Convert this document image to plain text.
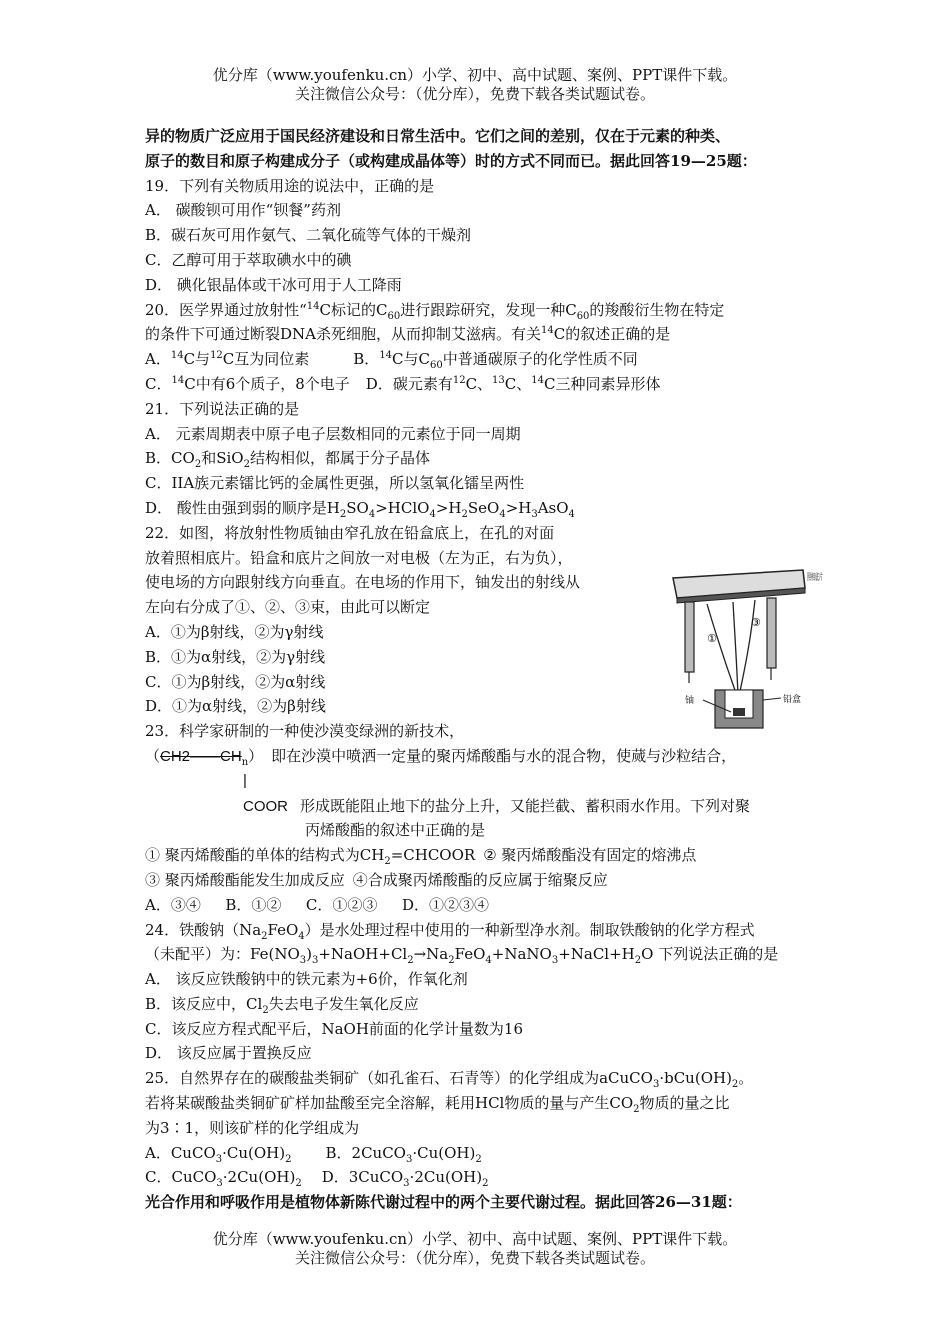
优分库（www.youfenku.cn）小学、初中、高中试题、案例、PPT课件下载。
关注微信公众号：（优分库），免费下载各类试题试卷。
异的物质广泛应用于国民经济建设和日常生活中。它们之间的差别，仅在于元素的种类、
原子的数目和原子构建成分子（或构建成晶体等）时的方式不同而已。据此回答19—25题：
19．下列有关物质用途的说法中，正确的是
A． 碳酸钡可用作“钡餐”药剂
B．碳石灰可用作氨气、二氧化硫等气体的干燥剂
C．乙醇可用于萃取碘水中的碘
D． 碘化银晶体或干冰可用于人工降雨
20．医学界通过放射性“$^{14}$C标记的$C_{60}$进行跟踪研究，发现一种$C_{60}$的羧酸衍生物在特定
的条件下可通过断裂DNA杀死细胞，从而抑制艾滋病。有关$^{14}$C的叙述正确的是
A．$^{14}$C与$^{12}$C互为同位素	B．$^{14}$C与$C_{60}$中普通碳原子的化学性质不同
C．$^{14}$C中有6个质子，8个电子 D．碳元素有$^{12}$C、$^{13}$C、$^{14}$C三种同素异形体
21．下列说法正确的是
A． 元素周期表中原子电子层数相同的元素位于同一周期
B．$CO_2$和SiO$_2$结构相似，都属于分子晶体
C．IIA族元素镭比钙的金属性更强，所以氢氧化镭呈两性
D． 酸性由强到弱的顺序是$H_2SO_4>HClO_4>H_2SeO_4>H_3AsO_4$
22．如图，将放射性物质铀由窄孔放在铅盒底上，在孔的对面
放着照相底片。铅盒和底片之间放一对电极（左为正，右为负），
使电场的方向跟射线方向垂直。在电场的作用下，铀发出的射线从
左向右分成了①、②、③束，由此可以断定
A．①为β射线，②为γ射线
B．①为α射线，②为γ射线
C．①为β射线，②为α射线
D．①为α射线，②为β射线
23．科学家研制的一种使沙漠变绿洲的新技术，
$(CH2——CH_n)$ 即在沙漠中喷洒一定量的聚丙烯酸酯与水的混合物，使蒇与沙粒结合，
|
COOR 形成既能阻止地下的盐分上升，又能拦截、蓄积雨水作用。下列对聚
丙烯酸酯的叙述中正确的是
① 聚丙烯酸酯的单体的结构式为$CH_2=CHCOOR$ ② 聚丙烯酸酯没有固定的熔沸点
③ 聚丙烯酸酯能发生加成反应 ④合成聚丙烯酸酯的反应属于缩聚反应
A．③④ 　 B．①② 　 C．①②③ 　 D．①②③④
24．铁酸钠$(Na_2FeO_4)$是水处理过程中使用的一种新型净水剂。制取铁酸钠的化学方程式
（未配平）为：$Fe(NO_3)_3+NaOH+Cl_2\to Na_2FeO_4+NaNO_3+NaCl+H_2O$ 下列说法正确的是
A． 该反应铁酸钠中的铁元素为+6价，作氧化剂
B．该反应中，$Cl_2$失去电子发生氧化反应
C．该反应方程式配平后，NaOH前面的化学计量数为16
D． 该反应属于置换反应
25．自然界存在的碳酸盐类铜矿（如孔雀石、石青等）的化学组成为$aCuCO_3\cdot bCu(OH)_2$。
若将某碳酸盐类铜矿矿样加盐酸至完全溶解，耗用HCl物质的量与产生$CO_2$物质的量之比
为3∶1，则该矿样的化学组成为
A．$CuCO_3\cdot Cu(OH)_2$ B．$2CuCO_3\cdot Cu(OH)_2$
C．$CuCO_3\cdot 2Cu(OH)_2$ D．$3CuCO_3\cdot 2Cu(OH)_2$
光合作用和呼吸作用是植物体新陈代谢过程中的两个主要代谢过程。据此回答26—31题：
照相底片
①
③
铀	铅盒
优分库（www.youfenku.cn）小学、初中、高中试题、案例、PPT课件下载。
关注微信公众号：（优分库），免费下载各类试题试卷。
